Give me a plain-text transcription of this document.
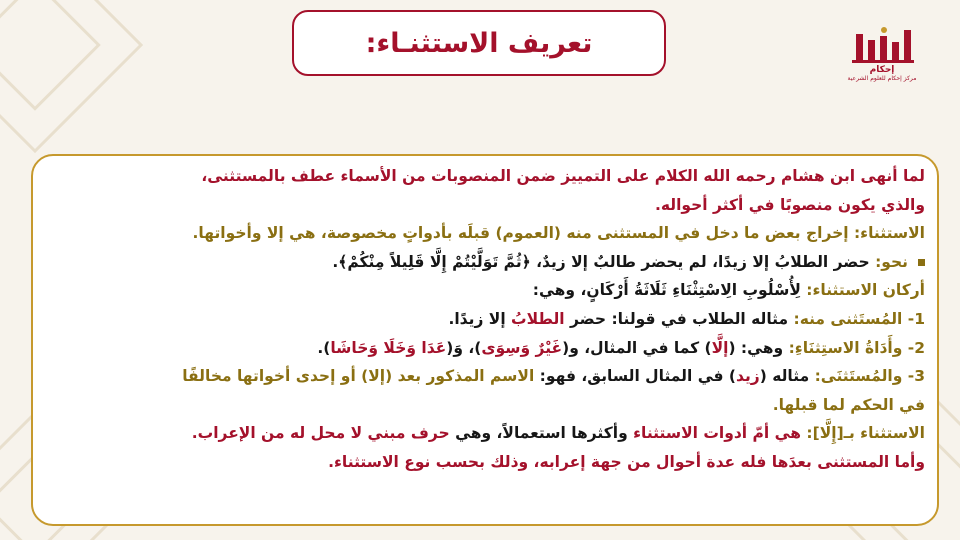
تعريف الاستثنـاء:
إحكام
مركز إحكام للعلوم الشرعية
لما أنهى ابن هشام رحمه الله الكلام على التمييز ضمن المنصوبات من الأسماء عطف بالمستثنى،
والذي يكون منصوبًا في أكثر أحواله.
الاستثناء: إخراج بعض ما دخل في المستثنى منه (العموم) قبلَه بأدواتٍ مخصوصة، هي إلا وأخواتها.
نحو: حضر الطلابُ إلا زيدًا، لم يحضر طالبٌ إلا زيدٌ، ﴿ثُمَّ تَوَلَّيْتُمْ إِلَّا قَلِيلاً مِنْكُمْ﴾.
أركان الاستثناء: لِأُسْلُوبِ الِاسْتِثْنَاءِ ثَلَاثَةُ أَرْكَانٍ، وهي:
1- المُستَثنى منه: مثاله الطلاب في قولنا: حضر الطلابُ إلا زيدًا.
2- وأَدَاةُ الاستِثنَاءِ: وهي: (إلَّا) كما في المثال، و(غَيْرٌ وَسِوَى)، وَ(عَدَا وَخَلَا وَحَاشَا).
3- والمُستَثنَى: مثاله (زيد) في المثال السابق، فهو: الاسم المذكور بعد (إلا) أو إحدى أخواتها مخالفًا
في الحكم لما قبلها.
الاستثناء بـ[إِلَّا]: هي أمّ أدوات الاستثناء وأكثرها استعمالاً، وهي حرف مبني لا محل له من الإعراب.
وأما المستثنى بعدَها فله عدة أحوال من جهة إعرابه، وذلك بحسب نوع الاستثناء.
